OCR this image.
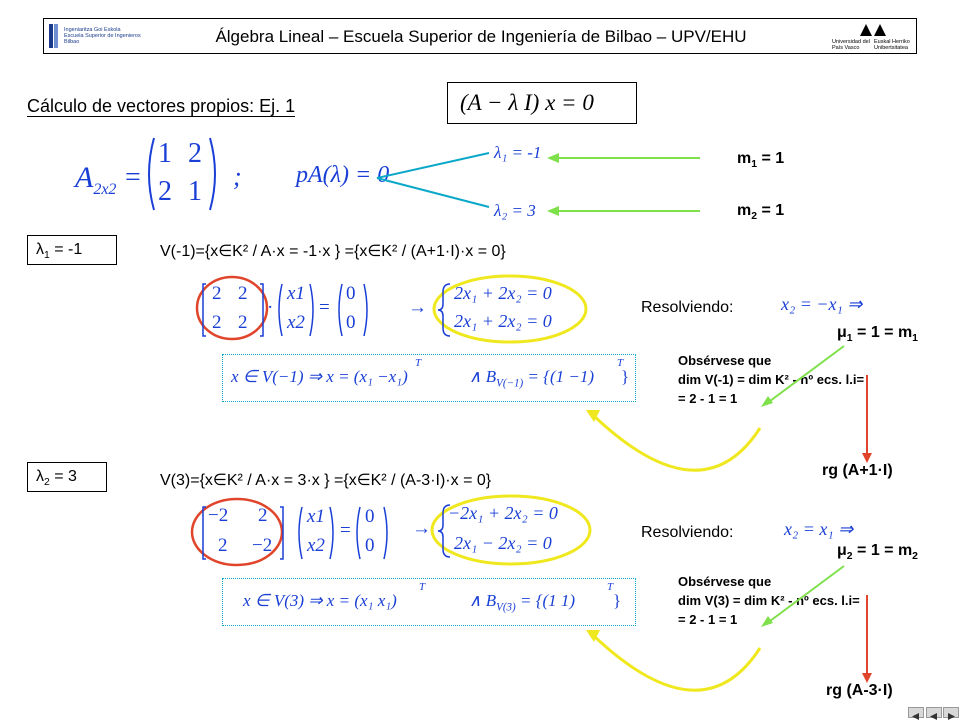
Ingeniaritza Goi Eskola
Escuela Superior de Ingenieros
Bilbao	Álgebra Lineal – Escuela Superior de Ingeniería de Bilbao – UPV/EHU	Universidad del País Vasco
Euskal Herriko Unibertsitatea
Cálculo de vectores propios: Ej. 1	(A − λ I) x = 0
$A_{2x2}$ =
1 2
2 1 ; pA(λ) = 0
λ₁ = -1
λ₂ = 3
$m_1 = 1$
$m_2 = 1$
$\lambda_1 = -1$	V(-1)={x∈K² / A·x = -1·x } ={x∈K² / (A+1·I)·x = 0}
2 2
2 2
·
x1
x2
=
0
0
→
2x₁ + 2x₂ = 0
2x₁ + 2x₂ = 0
Resolviendo:	x₂ = −x₁ ⇒
$\mu_1 = 1 = m_1$
Obsérvese que
dim V(-1) = dim K² - nº ecs. l.i=
= 2 - 1 = 1
rg (A+1·I)
x ∈ V(−1) ⇒ x = (x₁ −x₁)
T
∧ $B_{V(-1)} = \{(1 -1)$
T
}
$\lambda_2 = 3$	V(3)={x∈K² / A·x = 3·x } ={x∈K² / (A-3·I)·x = 0}
−2 2
2 −2
x1
x2
=
0
0
→
−2x₁ + 2x₂ = 0
2x₁ − 2x₂ = 0
Resolviendo:	x₂ = x₁ ⇒
$\mu_2 = 1 = m_2$
Obsérvese que
dim V(3) = dim K² - nº ecs. l.i=
= 2 - 1 = 1
rg (A-3·I)
x ∈ V(3) ⇒ x = (x₁ x₁)
T
∧ $B_{V(3)} = \{(1$ 1)
T
}
